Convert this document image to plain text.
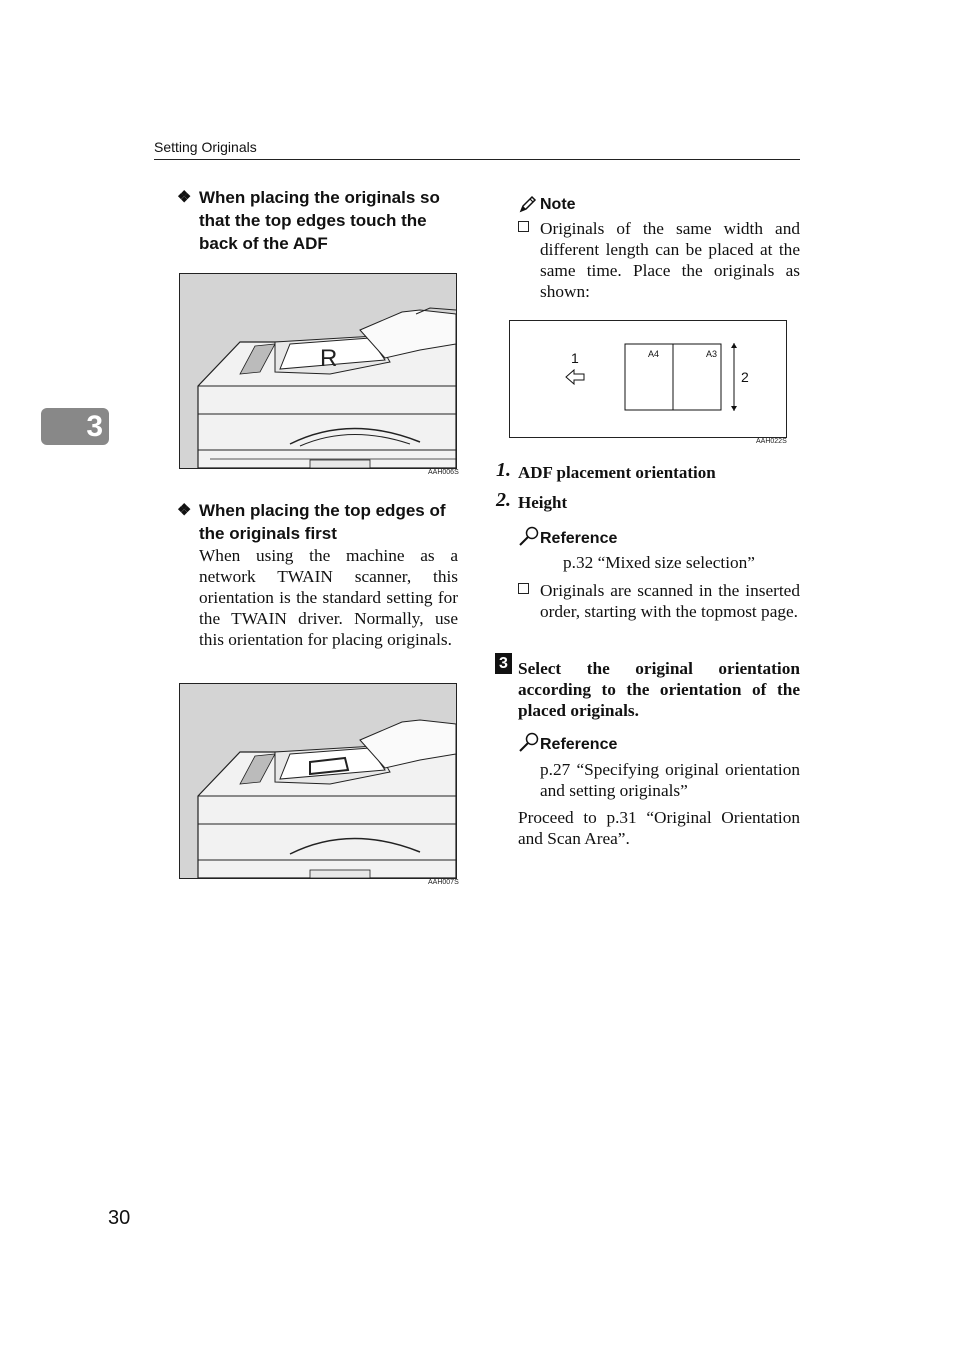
Setting Originals
3
❖ When placing the originals so that the top edges touch the back of the ADF
R
AAH006S
❖ When placing the top edges of the originals first
When using the machine as a network TWAIN scanner, this orientation is the standard setting for the TWAIN driver. Normally, use this orientation for placing originals.
AAH007S
Note
Originals of the same width and different length can be placed at the same time. Place the originals as shown:
1	A4	A3
2
AAH022S
1. ADF placement orientation
2. Height
Reference
p.32 “Mixed size selection”
Originals are scanned in the inserted order, starting with the topmost page.
3 Select the original orientation according to the orientation of the placed originals.
Reference
p.27 “Specifying original orientation and setting originals”
Proceed to p.31 “Original Orientation and Scan Area”.
30
